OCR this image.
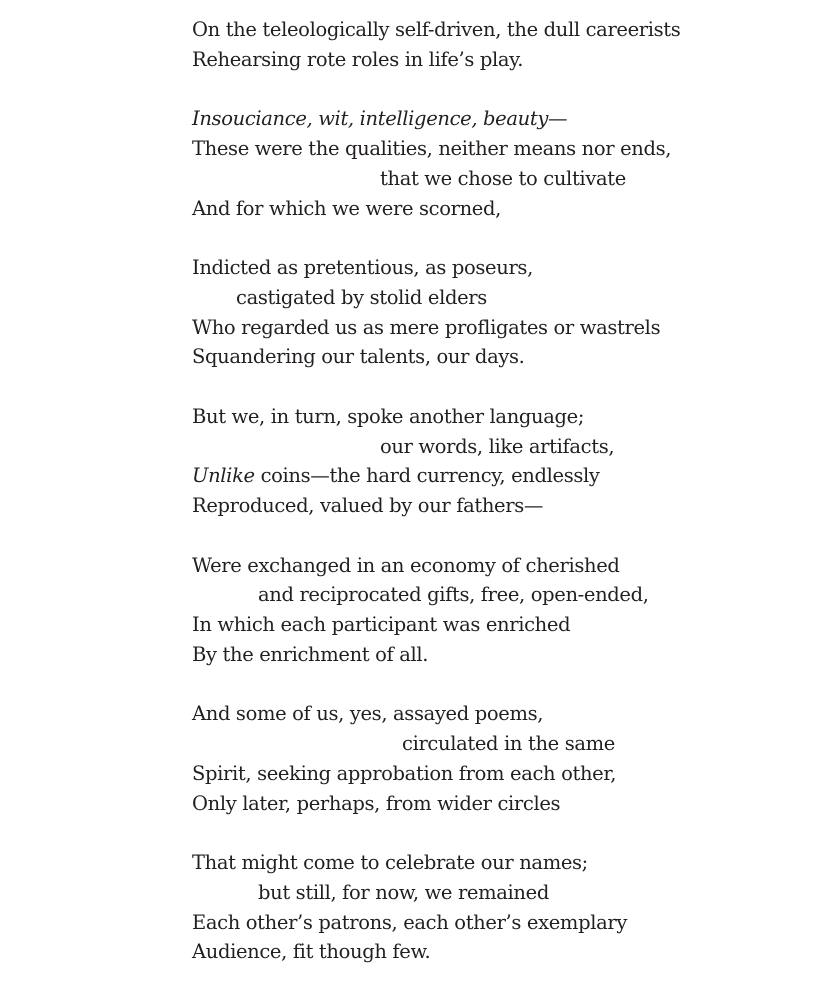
On the teleologically self-driven, the dull careerists
Rehearsing rote roles in life’s play.
Insouciance, wit, intelligence, beauty—
These were the qualities, neither means nor ends,
that we chose to cultivate
And for which we were scorned,
Indicted as pretentious, as poseurs,
castigated by stolid elders
Who regarded us as mere profligates or wastrels
Squandering our talents, our days.
But we, in turn, spoke another language;
our words, like artifacts,
Unlike coins—the hard currency, endlessly
Reproduced, valued by our fathers—
Were exchanged in an economy of cherished
and reciprocated gifts, free, open-ended,
In which each participant was enriched
By the enrichment of all.
And some of us, yes, assayed poems,
circulated in the same
Spirit, seeking approbation from each other,
Only later, perhaps, from wider circles
That might come to celebrate our names;
but still, for now, we remained
Each other’s patrons, each other’s exemplary
Audience, fit though few.
